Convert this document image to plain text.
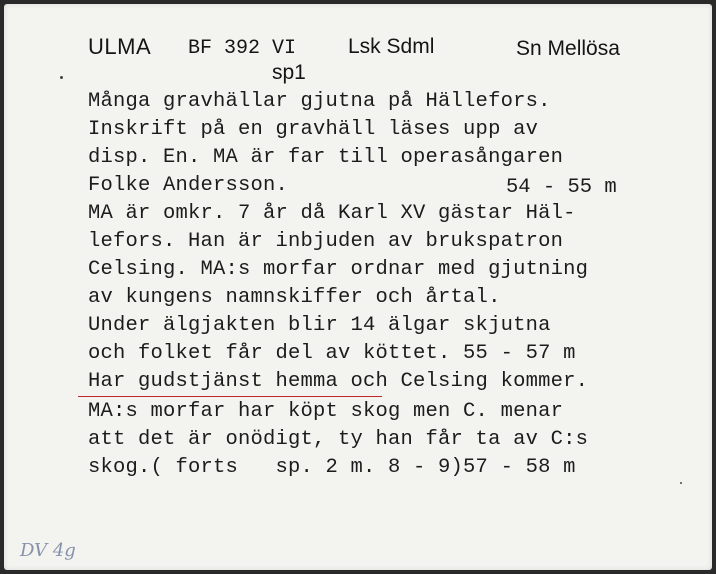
ULMA BF 392 VI Lsk Sdml	Sn Mellösa
sp1
Många gravhällar gjutna på Hällefors.
Inskrift på en gravhäll läses upp av
disp. En. MA är far till operasångaren
Folke Andersson.	54 - 55 m
MA är omkr. 7 år då Karl XV gästar Häl-
lefors. Han är inbjuden av brukspatron
Celsing. MA:s morfar ordnar med gjutning
av kungens namnskiffer och årtal.
Under älgjakten blir 14 älgar skjutna
och folket får del av köttet. 55 - 57 m
Har gudstjänst hemma och Celsing kommer.
MA:s morfar har köpt skog men C. menar
att det är onödigt, ty han får ta av C:s
skog.( forts   sp. 2 m. 8 - 9)57 - 58 m
DV 4g
